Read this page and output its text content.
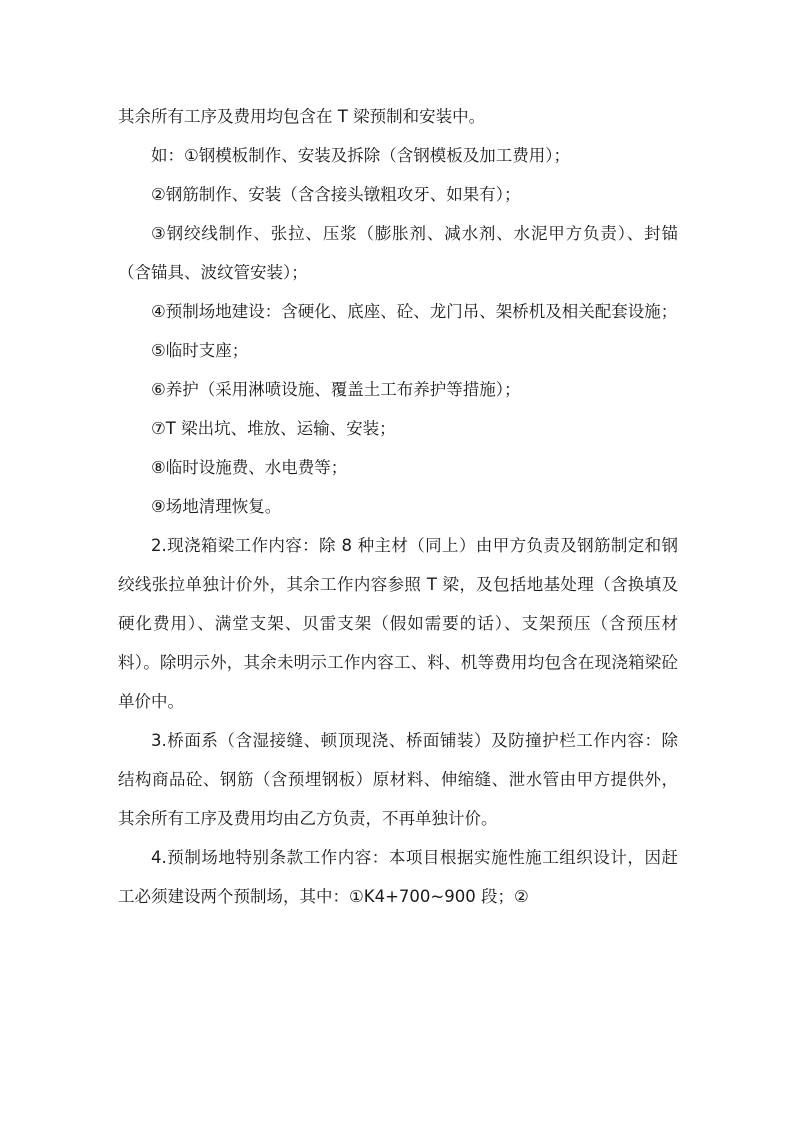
其余所有工序及费用均包含在 T 梁预制和安装中。

如：①钢模板制作、安装及拆除（含钢模板及加工费用）；

②钢筋制作、安装（含含接头镦粗攻牙、如果有）；

③钢绞线制作、张拉、压浆（膨胀剂、减水剂、水泥甲方负责）、封锚（含锚具、波纹管安装）；

④预制场地建设：含硬化、底座、砼、龙门吊、架桥机及相关配套设施；

⑤临时支座；

⑥养护（采用淋喷设施、覆盖土工布养护等措施）；

⑦T 梁出坑、堆放、运输、安装；

⑧临时设施费、水电费等；

⑨场地清理恢复。

2.现浇箱梁工作内容：除 8 种主材（同上）由甲方负责及钢筋制定和钢绞线张拉单独计价外，其余工作内容参照 T 梁，及包括地基处理（含换填及硬化费用）、满堂支架、贝雷支架（假如需要的话）、支架预压（含预压材料）。除明示外，其余未明示工作内容工、料、机等费用均包含在现浇箱梁砼单价中。

3.桥面系（含湿接缝、顿顶现浇、桥面铺装）及防撞护栏工作内容：除结构商品砼、钢筋（含预埋钢板）原材料、伸缩缝、泄水管由甲方提供外，其余所有工序及费用均由乙方负责，不再单独计价。

4.预制场地特别条款工作内容：本项目根据实施性施工组织设计，因赶工必须建设两个预制场，其中：①K4+700~900 段；②
